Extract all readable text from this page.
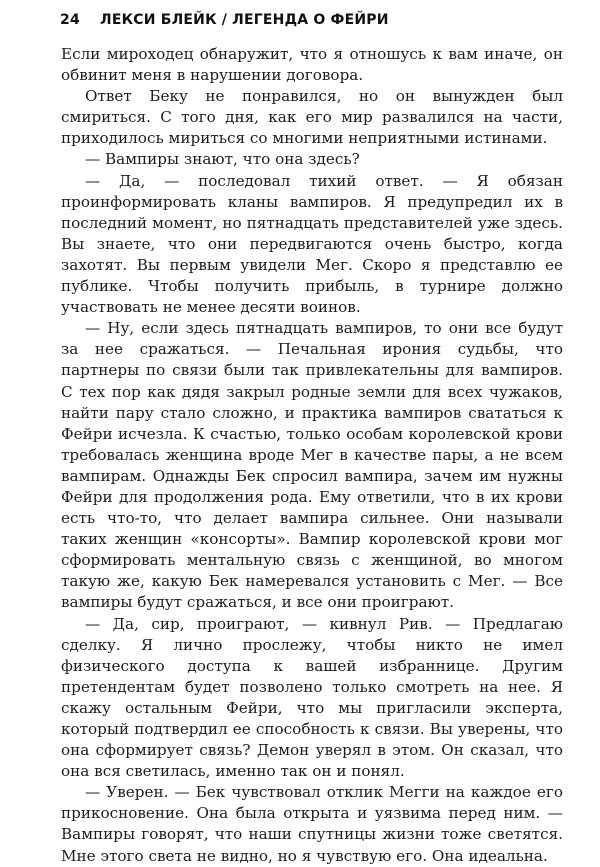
24 ЛЕКСИ БЛЕЙК / ЛЕГЕНДА О ФЕЙРИ

Если мироходец обнаружит, что я отношусь к вам иначе, он обвинит меня в нарушении договора.

Ответ Беку не понравился, но он вынужден был смириться. С того дня, как его мир развалился на части, приходилось мириться со многими неприятными истинами.

— Вампиры знают, что она здесь?

— Да, — последовал тихий ответ. — Я обязан проинформировать кланы вампиров. Я предупредил их в последний момент, но пятнадцать представителей уже здесь. Вы знаете, что они передвигаются очень быстро, когда захотят. Вы первым увидели Мег. Скоро я представлю ее публике. Чтобы получить прибыль, в турнире должно участвовать не менее десяти воинов.

— Ну, если здесь пятнадцать вампиров, то они все будут за нее сражаться. — Печальная ирония судьбы, что партнеры по связи были так привлекательны для вампиров. С тех пор как дядя закрыл родные земли для всех чужаков, найти пару стало сложно, и практика вампиров свататься к Фейри исчезла. К счастью, только особам королевской крови требовалась женщина вроде Мег в качестве пары, а не всем вампирам. Однажды Бек спросил вампира, зачем им нужны Фейри для продолжения рода. Ему ответили, что в их крови есть что-то, что делает вампира сильнее. Они называли таких женщин «консорты». Вампир королевской крови мог сформировать ментальную связь с женщиной, во многом такую же, какую Бек намеревался установить с Мег. — Все вампиры будут сражаться, и все они проиграют.

— Да, сир, проиграют, — кивнул Рив. — Предлагаю сделку. Я лично прослежу, чтобы никто не имел физического доступа к вашей избраннице. Другим претендентам будет позволено только смотреть на нее. Я скажу остальным Фейри, что мы пригласили эксперта, который подтвердил ее способность к связи. Вы уверены, что она сформирует связь? Демон уверял в этом. Он сказал, что она вся светилась, именно так он и понял.

— Уверен. — Бек чувствовал отклик Мегги на каждое его прикосновение. Она была открыта и уязвима перед ним. — Вампиры говорят, что наши спутницы жизни тоже светятся. Мне этого света не видно, но я чувствую его. Она идеальна.
